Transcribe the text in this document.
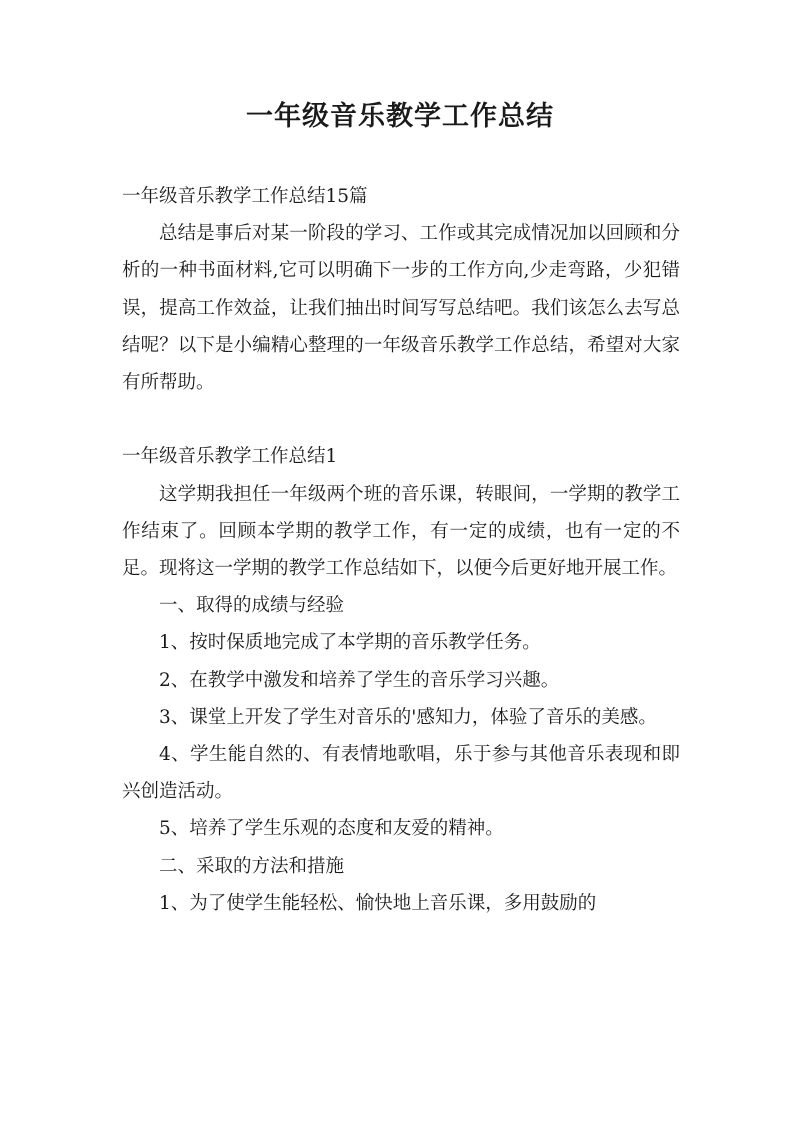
一年级音乐教学工作总结

一年级音乐教学工作总结15篇

总结是事后对某一阶段的学习、工作或其完成情况加以回顾和分析的一种书面材料,它可以明确下一步的工作方向,少走弯路，少犯错误，提高工作效益，让我们抽出时间写写总结吧。我们该怎么去写总结呢？以下是小编精心整理的一年级音乐教学工作总结，希望对大家有所帮助。

一年级音乐教学工作总结1

这学期我担任一年级两个班的音乐课，转眼间，一学期的教学工作结束了。回顾本学期的教学工作，有一定的成绩，也有一定的不足。现将这一学期的教学工作总结如下，以便今后更好地开展工作。

一、取得的成绩与经验

1、按时保质地完成了本学期的音乐教学任务。

2、在教学中激发和培养了学生的音乐学习兴趣。

3、课堂上开发了学生对音乐的'感知力，体验了音乐的美感。

4、学生能自然的、有表情地歌唱，乐于参与其他音乐表现和即兴创造活动。

5、培养了学生乐观的态度和友爱的精神。

二、采取的方法和措施

1、为了使学生能轻松、愉快地上音乐课，多用鼓励的
